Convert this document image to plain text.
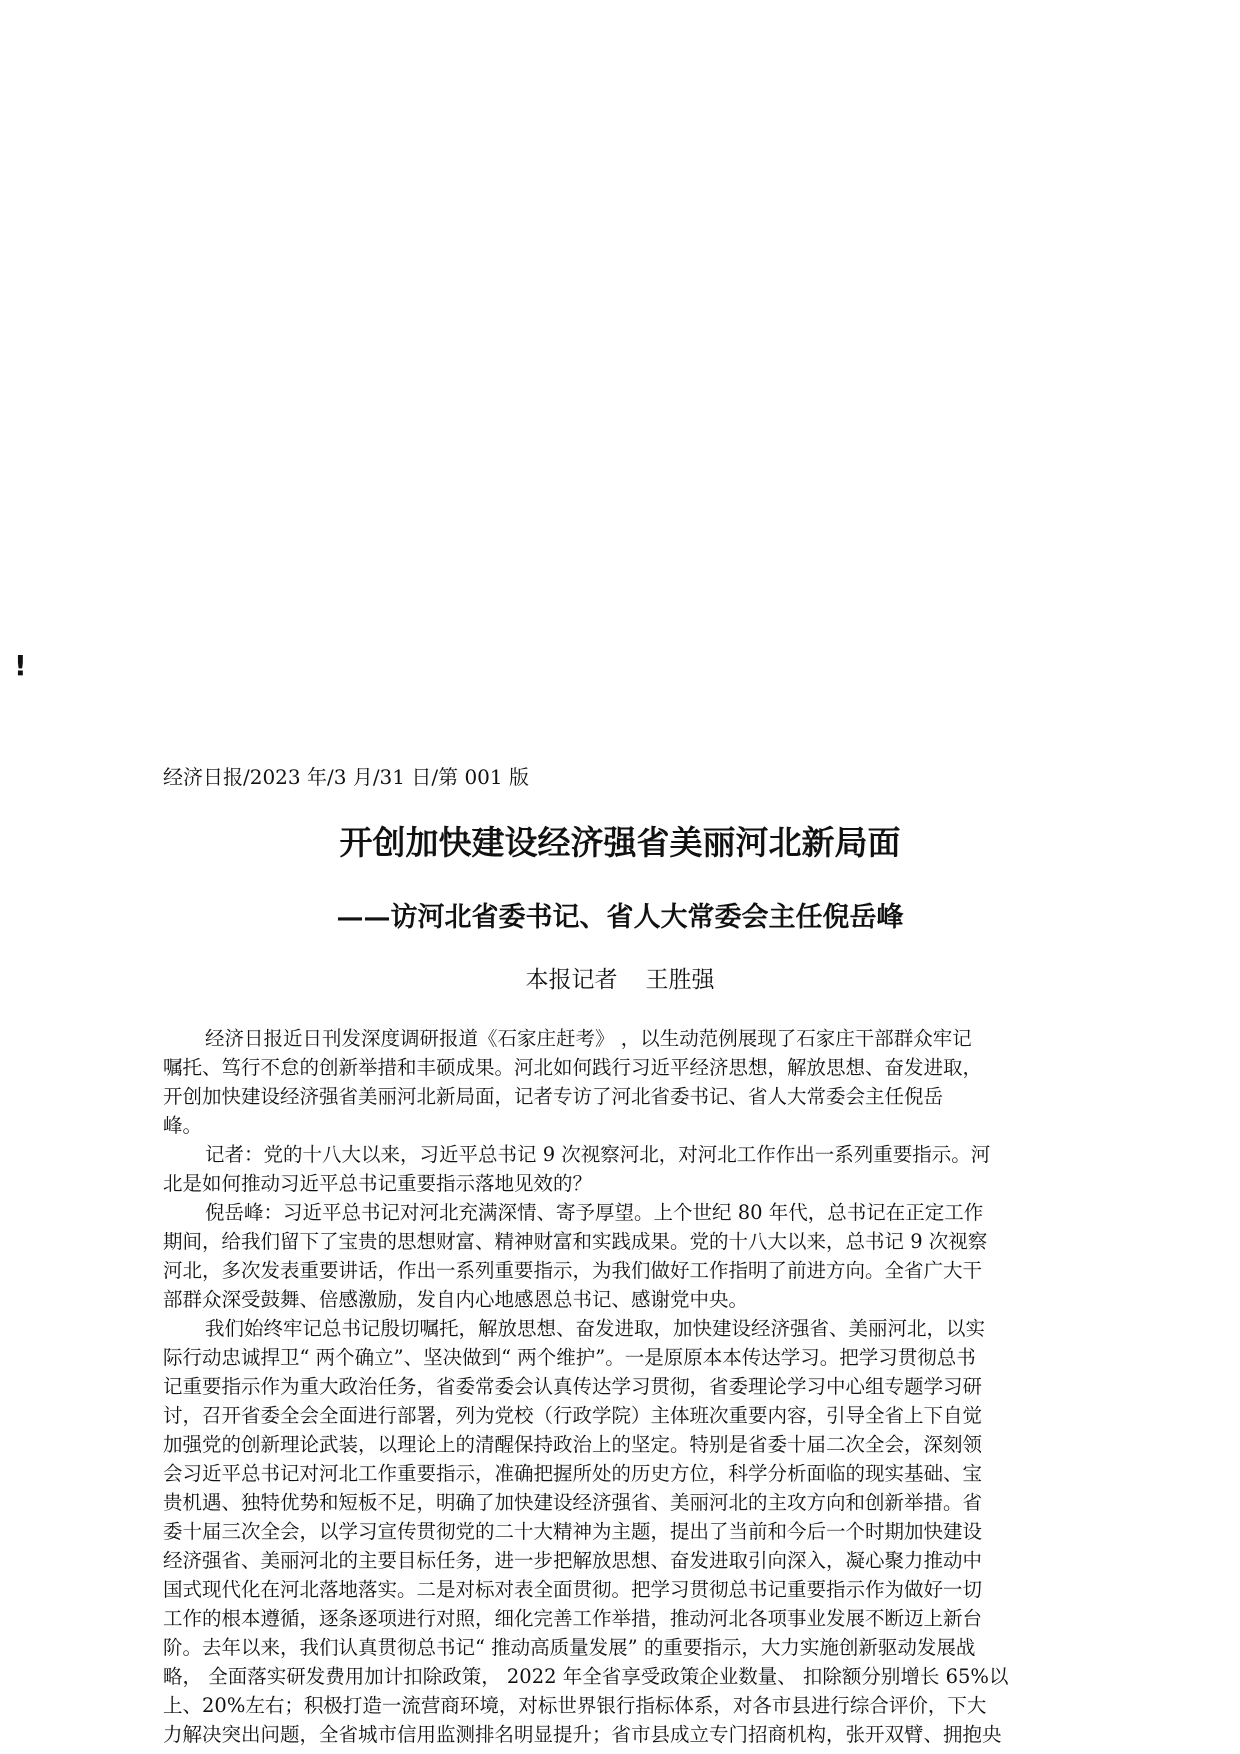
!
经济日报/2023 年/3 月/31 日/第 001 版
开创加快建设经济强省美丽河北新局面
——访河北省委书记、省人大常委会主任倪岳峰
本报记者 王胜强
经济日报近日刊发深度调研报道《石家庄赶考》 ，以生动范例展现了石家庄干部群众牢记
嘱托、笃行不怠的创新举措和丰硕成果。河北如何践行习近平经济思想，解放思想、奋发进取，
开创加快建设经济强省美丽河北新局面，记者专访了河北省委书记、省人大常委会主任倪岳
峰。
记者：党的十八大以来，习近平总书记 9 次视察河北，对河北工作作出一系列重要指示。河
北是如何推动习近平总书记重要指示落地见效的？
倪岳峰：习近平总书记对河北充满深情、寄予厚望。上个世纪 80 年代，总书记在正定工作
期间，给我们留下了宝贵的思想财富、精神财富和实践成果。党的十八大以来，总书记 9 次视察
河北，多次发表重要讲话，作出一系列重要指示，为我们做好工作指明了前进方向。全省广大干
部群众深受鼓舞、倍感激励，发自内心地感恩总书记、感谢党中央。
我们始终牢记总书记殷切嘱托，解放思想、奋发进取，加快建设经济强省、美丽河北，以实
际行动忠诚捍卫“ 两个确立”、坚决做到“ 两个维护”。一是原原本本传达学习。把学习贯彻总书
记重要指示作为重大政治任务，省委常委会认真传达学习贯彻，省委理论学习中心组专题学习研
讨，召开省委全会全面进行部署，列为党校（行政学院）主体班次重要内容，引导全省上下自觉
加强党的创新理论武装，以理论上的清醒保持政治上的坚定。特别是省委十届二次全会，深刻领
会习近平总书记对河北工作重要指示，准确把握所处的历史方位，科学分析面临的现实基础、宝
贵机遇、独特优势和短板不足，明确了加快建设经济强省、美丽河北的主攻方向和创新举措。省
委十届三次全会，以学习宣传贯彻党的二十大精神为主题，提出了当前和今后一个时期加快建设
经济强省、美丽河北的主要目标任务，进一步把解放思想、奋发进取引向深入，凝心聚力推动中
国式现代化在河北落地落实。二是对标对表全面贯彻。把学习贯彻总书记重要指示作为做好一切
工作的根本遵循，逐条逐项进行对照，细化完善工作举措，推动河北各项事业发展不断迈上新台
阶。去年以来，我们认真贯彻总书记“ 推动高质量发展” 的重要指示，大力实施创新驱动发展战
略， 全面落实研发费用加计扣除政策， 2022 年全省享受政策企业数量、 扣除额分别增长 65%以
上、20%左右；积极打造一流营商环境，对标世界银行指标体系，对各市县进行综合评价，下大
力解决突出问题，全省城市信用监测排名明显提升；省市县成立专门招商机构，张开双臂、拥抱央
